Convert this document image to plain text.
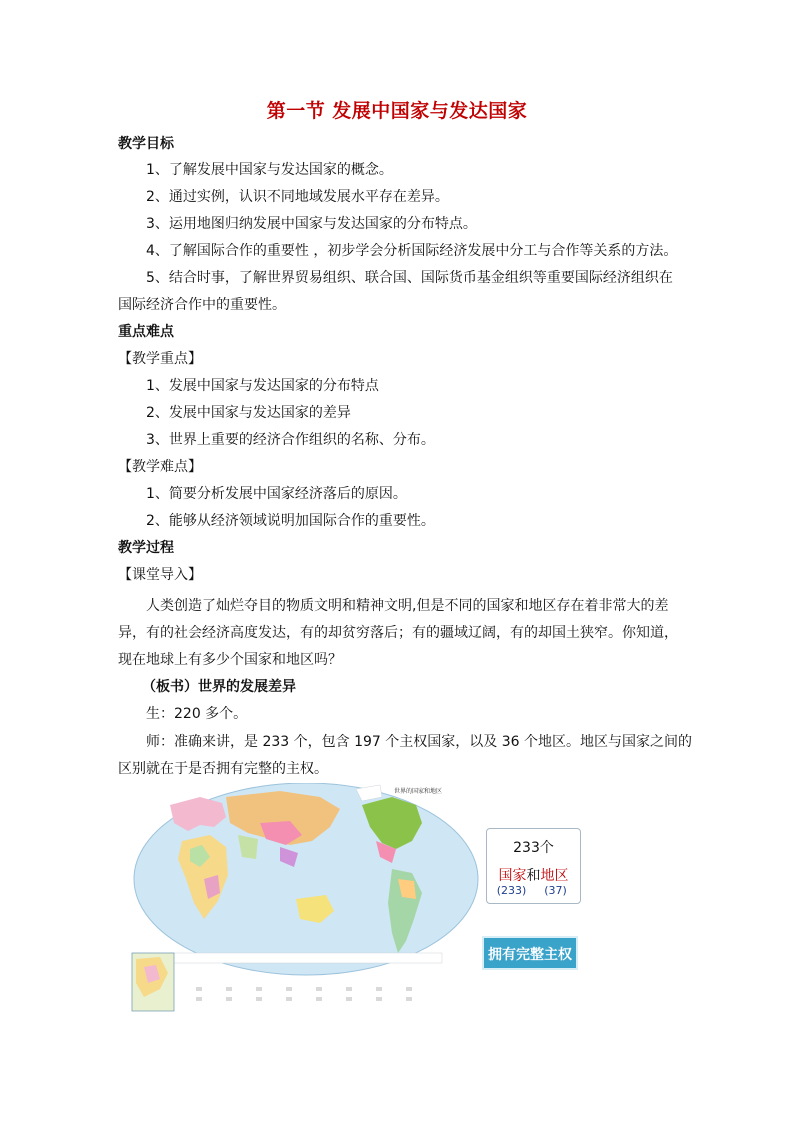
第一节 发展中国家与发达国家
教学目标
1、了解发展中国家与发达国家的概念。
2、通过实例，认识不同地域发展水平存在差异。
3、运用地图归纳发展中国家与发达国家的分布特点。
4、了解国际合作的重要性 ，初步学会分析国际经济发展中分工与合作等关系的方法。
5、结合时事，了解世界贸易组织、联合国、国际货币基金组织等重要国际经济组织在
国际经济合作中的重要性。
重点难点
【教学重点】
1、发展中国家与发达国家的分布特点
2、发展中国家与发达国家的差异
3、世界上重要的经济合作组织的名称、分布。
【教学难点】
1、简要分析发展中国家经济落后的原因。
2、能够从经济领域说明加国际合作的重要性。
教学过程
【课堂导入】
人类创造了灿烂夺目的物质文明和精神文明,但是不同的国家和地区存在着非常大的差
异，有的社会经济高度发达，有的却贫穷落后；有的疆域辽阔，有的却国土狭窄。你知道，
现在地球上有多少个国家和地区吗？
（板书）世界的发展差异
生：220 多个。
师：准确来讲，是 233 个，包含 197 个主权国家，以及 36 个地区。地区与国家之间的
区别就在于是否拥有完整的主权。
世界的国家和地区
233个
国家和地区
(233) (37)
拥有完整主权
